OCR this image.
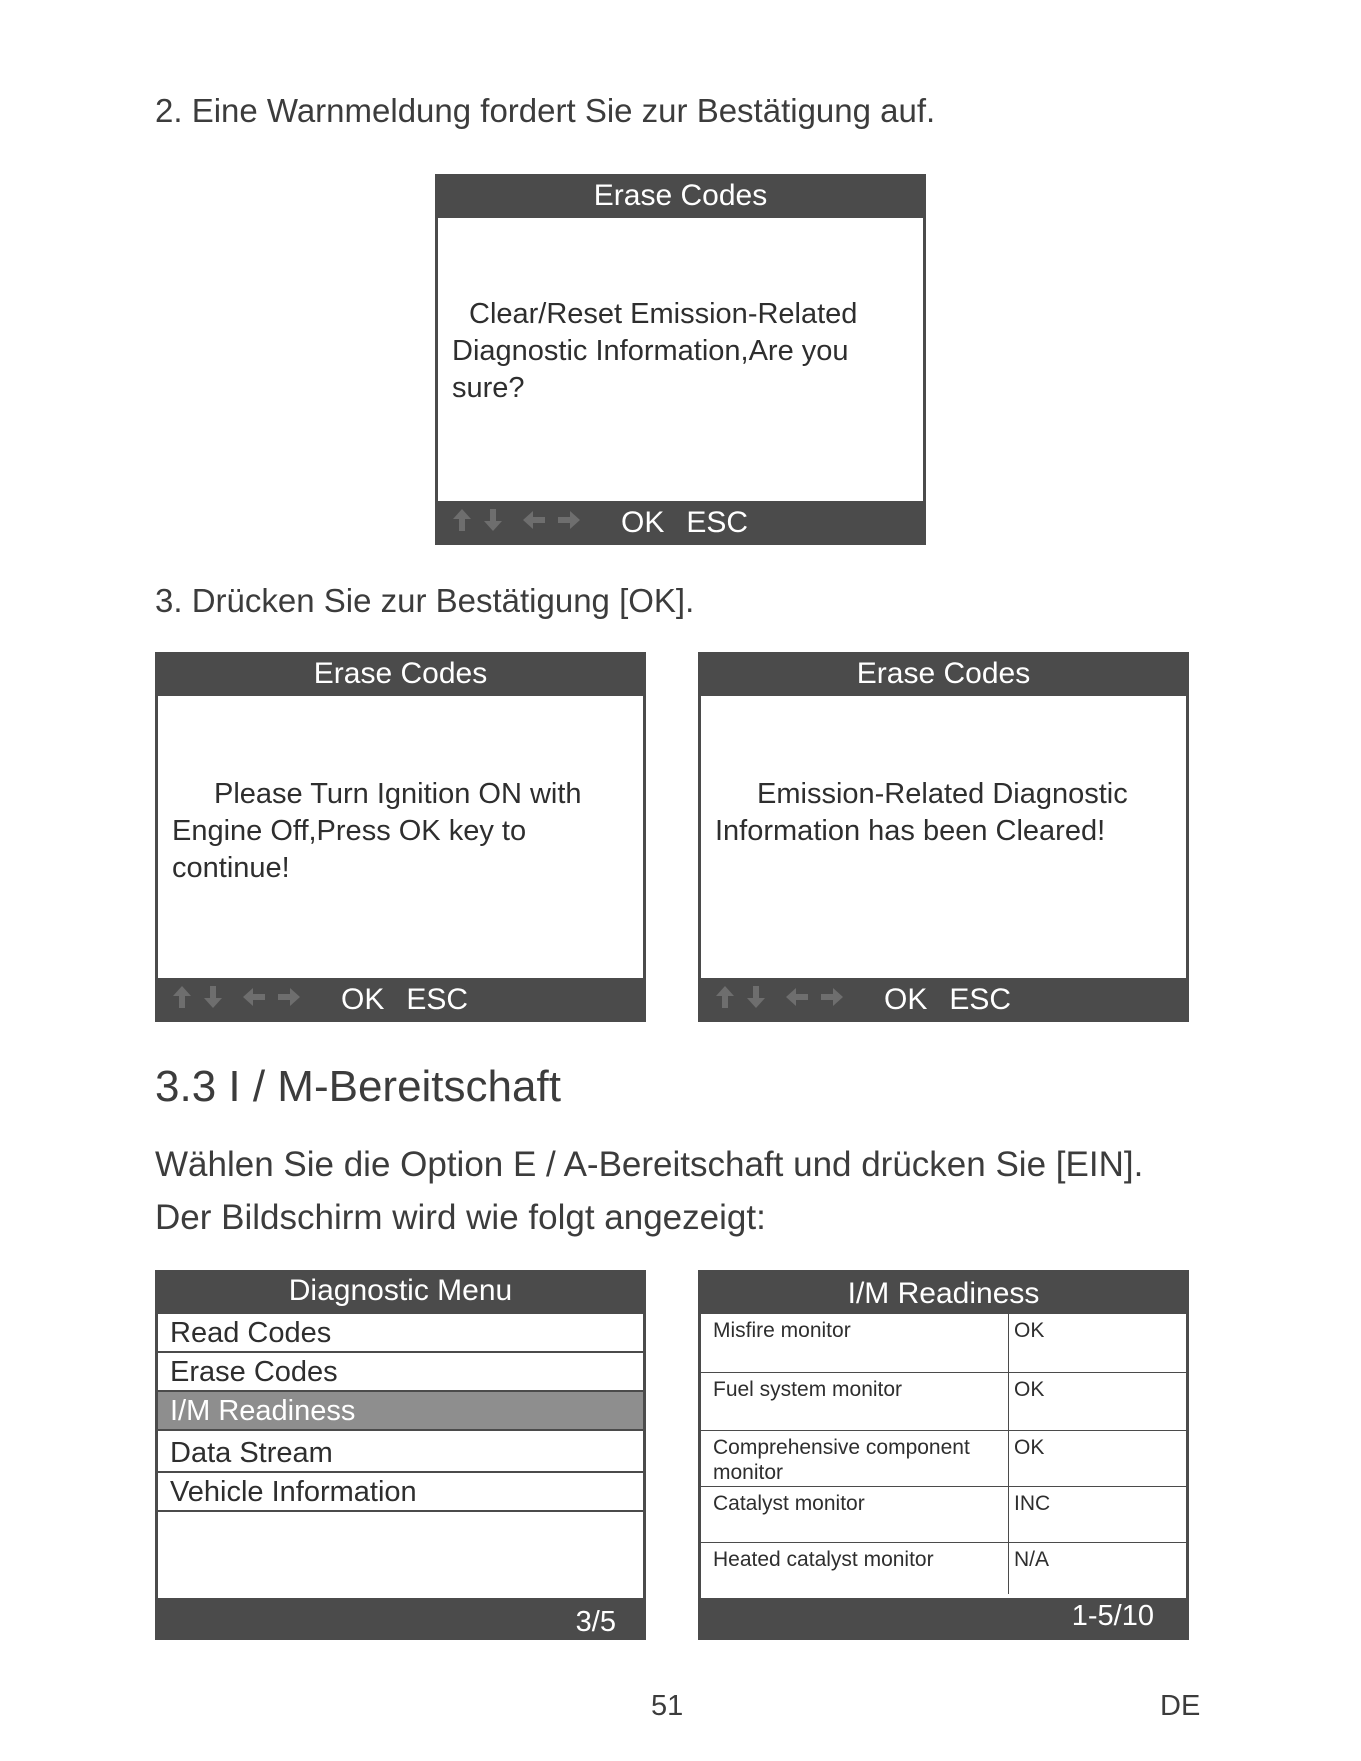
2. Eine Warnmeldung fordert Sie zur Bestätigung auf.
Erase Codes
Clear/Reset Emission-Related Diagnostic Information,Are you sure?
OK ESC
3. Drücken Sie zur Bestätigung [OK].
Erase Codes
Please Turn Ignition ON with Engine Off,Press OK key to continue!
OK ESC
Erase Codes
Emission-Related Diagnostic Information has been Cleared!
OK ESC
3.3 I / M-Bereitschaft
Wählen Sie die Option E / A-Bereitschaft und drücken Sie [EIN].
Der Bildschirm wird wie folgt angezeigt:
Diagnostic Menu
Read Codes
Erase Codes
I/M Readiness
Data Stream
Vehicle Information
3/5
I/M Readiness
Misfire monitor	OK
Fuel system monitor	OK
Comprehensive component monitor	OK
Catalyst monitor	INC
Heated catalyst monitor	N/A
1-5/10
51	DE
